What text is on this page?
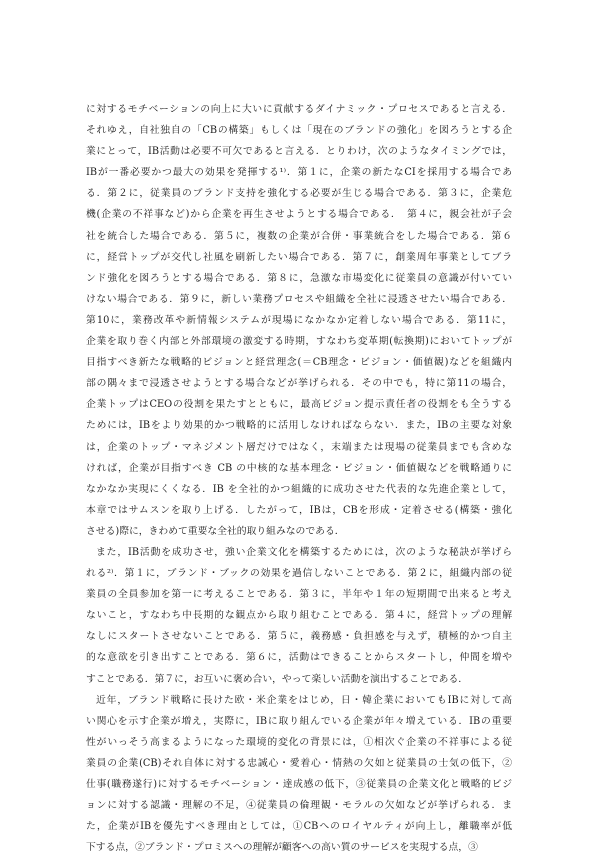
に対するモチベーションの向上に大いに貢献するダイナミック・プロセスであると言える．
それゆえ，自社独自の「CBの構築」もしくは「現在のブランドの強化」を図ろうとする企
業にとって，IB活動は必要不可欠であると言える．とりわけ，次のようなタイミングでは，
IBが一番必要かつ最大の効果を発揮する¹⁾．第１に，企業の新たなCIを採用する場合であ
る．第２に，従業員のブランド支持を強化する必要が生じる場合である．第３に，企業危
機(企業の不祥事など)から企業を再生させようとする場合である．　第４に，親会社が子会
社を統合した場合である．第５に，複数の企業が合併・事業統合をした場合である．第６
に，経営トップが交代し社風を刷新したい場合である．第７に，創業周年事業としてブラ
ンド強化を図ろうとする場合である．第８に，急激な市場変化に従業員の意識が付いてい
けない場合である．第９に，新しい業務プロセスや組織を全社に浸透させたい場合である．
第10に，業務改革や新情報システムが現場になかなか定着しない場合である．第11に，
企業を取り巻く内部と外部環境の激変する時期，すなわち変革期(転換期)においてトップが
目指すべき新たな戦略的ビジョンと経営理念(＝CB理念・ビジョン・価値観)などを組織内
部の隅々まで浸透させようとする場合などが挙げられる．その中でも，特に第11の場合，
企業トップはCEOの役割を果たすとともに，最高ビジョン提示責任者の役割をも全うする
ためには，IBをより効果的かつ戦略的に活用しなければならない．また，IBの主要な対象
は，企業のトップ・マネジメント層だけではなく，末端または現場の従業員までも含めな
ければ，企業が目指すべき CB の中核的な基本理念・ビジョン・価値観などを戦略通りに
なかなか実現にくくなる．IB を全社的かつ組織的に成功させた代表的な先進企業として，
本章ではサムスンを取り上げる．したがって，IBは，CBを形成・定着させる(構築・強化
させる)際に，きわめて重要な全社的取り組みなのである．
また，IB活動を成功させ，強い企業文化を構築するためには，次のような秘訣が挙げら
れる²⁾．第１に，ブランド・ブックの効果を過信しないことである．第２に，組織内部の従
業員の全員参加を第一に考えることである．第３に，半年や１年の短期間で出来ると考え
ないこと，すなわち中長期的な観点から取り組むことである．第４に，経営トップの理解
なしにスタートさせないことである．第５に，義務感・負担感を与えず，積極的かつ自主
的な意欲を引き出すことである．第６に，活動はできることからスタートし，仲間を増や
すことである．第７に，お互いに褒め合い，やって楽しい活動を演出することである．
近年，ブランド戦略に長けた欧・米企業をはじめ，日・韓企業においてもIBに対して高
い関心を示す企業が増え，実際に，IBに取り組んでいる企業が年々増えている．IBの重要
性がいっそう高まるようになった環境的変化の背景には，①相次ぐ企業の不祥事による従
業員の企業(CB)それ自体に対する忠誠心・愛着心・情熱の欠如と従業員の士気の低下，②
仕事(職務遂行)に対するモチベーション・達成感の低下，③従業員の企業文化と戦略的ビジ
ョンに対する認識・理解の不足，④従業員の倫理観・モラルの欠如などが挙げられる．ま
た，企業がIBを優先すべき理由としては，①CBへのロイヤルティが向上し，離職率が低
下する点，②ブランド・プロミスへの理解が顧客への高い質のサービスを実現する点，③
